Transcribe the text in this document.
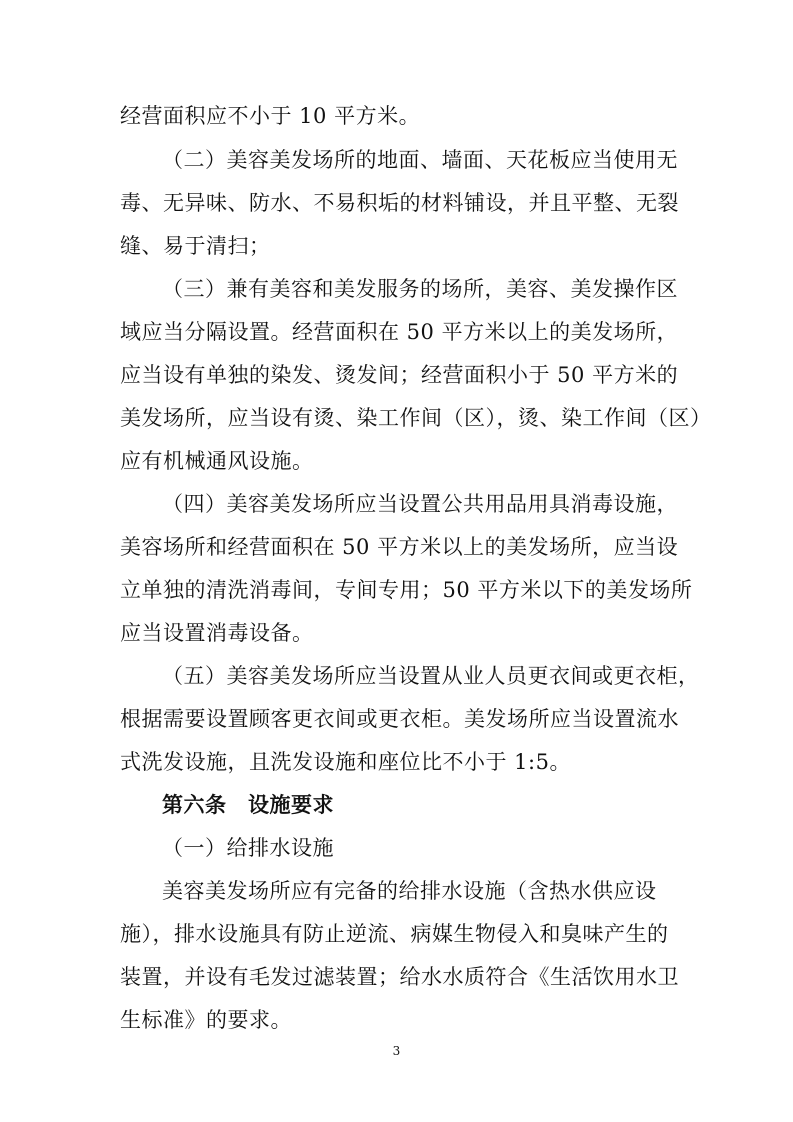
经营面积应不小于 10 平方米。
（二）美容美发场所的地面、墙面、天花板应当使用无
毒、无异味、防水、不易积垢的材料铺设，并且平整、无裂
缝、易于清扫；
（三）兼有美容和美发服务的场所，美容、美发操作区
域应当分隔设置。经营面积在 50 平方米以上的美发场所，
应当设有单独的染发、烫发间；经营面积小于 50 平方米的
美发场所，应当设有烫、染工作间（区），烫、染工作间（区）
应有机械通风设施。
（四）美容美发场所应当设置公共用品用具消毒设施，
美容场所和经营面积在 50 平方米以上的美发场所，应当设
立单独的清洗消毒间，专间专用；50 平方米以下的美发场所
应当设置消毒设备。
（五）美容美发场所应当设置从业人员更衣间或更衣柜，
根据需要设置顾客更衣间或更衣柜。美发场所应当设置流水
式洗发设施，且洗发设施和座位比不小于 1:5。
第六条　设施要求
（一）给排水设施
美容美发场所应有完备的给排水设施（含热水供应设
施），排水设施具有防止逆流、病媒生物侵入和臭味产生的
装置，并设有毛发过滤装置；给水水质符合《生活饮用水卫
生标准》的要求。
3
